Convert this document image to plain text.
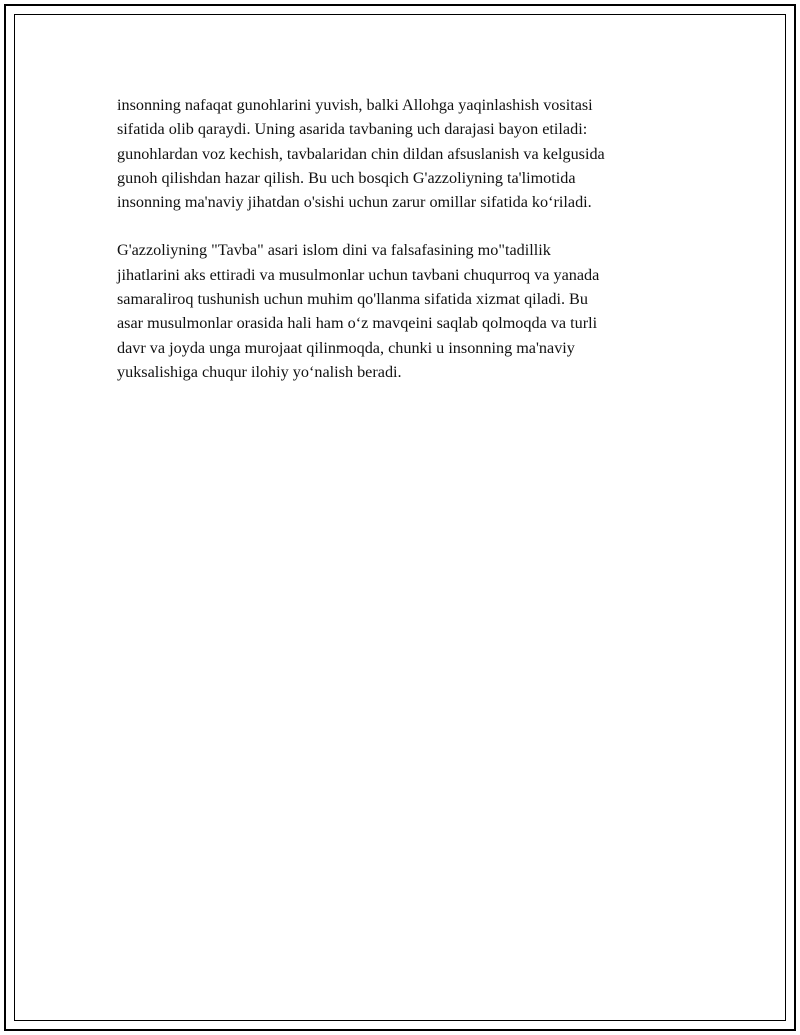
insonning nafaqat gunohlarini yuvish, balki Allohga yaqinlashish vositasi
sifatida olib qaraydi. Uning asarida tavbaning uch darajasi bayon etiladi:
gunohlardan voz kechish, tavbalaridan chin dildan afsuslanish va kelgusida
gunoh qilishdan hazar qilish. Bu uch bosqich G'azzoliyning ta'limotida
insonning ma'naviy jihatdan o'sishi uchun zarur omillar sifatida koʻriladi.

G'azzoliyning "Tavba" asari islom dini va falsafasining mo"tadillik
jihatlarini aks ettiradi va musulmonlar uchun tavbani chuqurroq va yanada
samaraliroq tushunish uchun muhim qo'llanma sifatida xizmat qiladi. Bu
asar musulmonlar orasida hali ham oʻz mavqeini saqlab qolmoqda va turli
davr va joyda unga murojaat qilinmoqda, chunki u insonning ma'naviy
yuksalishiga chuqur ilohiy yoʻnalish beradi.
